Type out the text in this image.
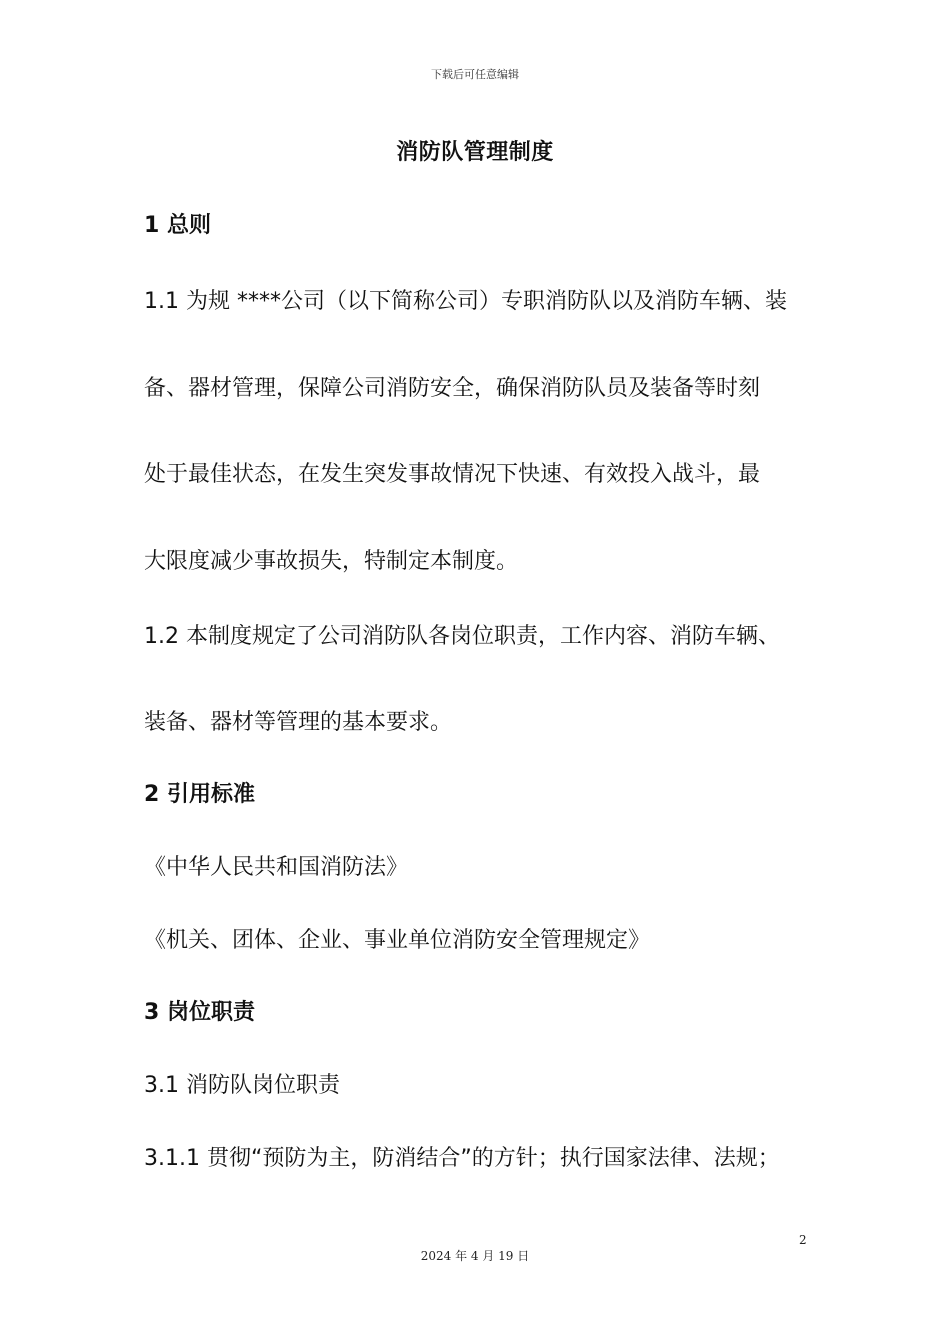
下载后可任意编辑
消防队管理制度
1 总则
1.1 为规 ****公司（以下简称公司）专职消防队以及消防车辆、装
备、器材管理，保障公司消防安全，确保消防队员及装备等时刻
处于最佳状态，在发生突发事故情况下快速、有效投入战斗，最
大限度减少事故损失，特制定本制度。
1.2 本制度规定了公司消防队各岗位职责，工作内容、消防车辆、
装备、器材等管理的基本要求。
2 引用标准
《中华人民共和国消防法》
《机关、团体、企业、事业单位消防安全管理规定》
3 岗位职责
3.1 消防队岗位职责
3.1.1 贯彻“预防为主，防消结合”的方针；执行国家法律、法规；
2
2024 年 4 月 19 日
